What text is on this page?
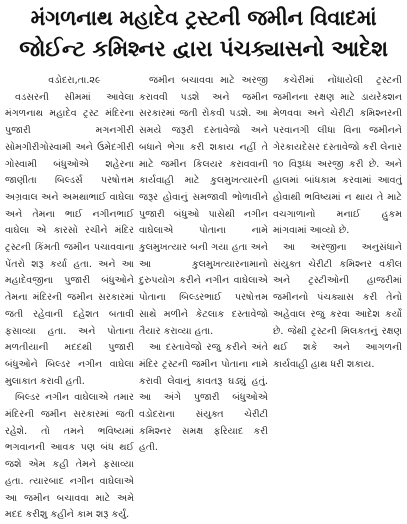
મંગળનાથ મહાદેવ ટ્રસ્ટની જમીન વિવાદમાં
જોઈન્ટ કમિશ્નર દ્વારા પંચક્યાસનો આદેશ

વડોદરા,તા.૨૯

વડસરની સીમમાં આવેલા મંગળનાથ મહાદેવ ટ્રસ્ટ મંદિરના પુજારી મગનગીરી સોમગીરીગોસ્વામી અને ઉમેદગીરી ગોસ્વામી બંધુઓએ શહેરના જાણીતા બિલ્ડર્સ પરષોત્તમ અગ્રવાલ અને અમથાભાઈ વાઘેલા અને તેમના ભાઈ નગીનભાઈ વાઘેલા એ કારસો રચીને મંદિર ટ્રસ્ટની કિંમતી જમીન પચાવવાના પેંતરો શરૂ કર્યા હતા. અને આ મહાદેવજીના પુજારી બંધુઓને તેમના મંદિરની જમીન સરકારમાં જતી રહેવાની દહેશત બતાવી ફસાવ્યા હતા. અને પોતાના મળતીયાની મદદથી પુજારી બંધુઓને બિલ્ડર નગીન વાઘેલા મુલાકાત કરાવી હતી.

બિલ્ડર નગીન વાઘેલાએ તમાર મંદિરની જમીન સરકારમાં જતી રહેશે. તો તમને ભવિષ્યમાં ભગવાનની આવક પણ બંધ થઈ જશે એમ કહી તેમને ફસાવ્યા હતા. ત્યારબાદ નગીન વાઘેલાએ આ જમીન બચાવવા માટે અમે મદદ કરીશુ કહીને કામ શરૂ કર્યું.

જમીન બચાવવા માટે અરજી કરાવવી પડશે અને જમીન સરકારમાં જતી રોકવી પડશે. આ સમયે જરૂરી દસ્તાવેજો અને બધાને ભેગા કરી શકાય નહીં તે માટે જમીન કિલયર કરાવવાની કાર્યવાહી માટે કુલમુખત્યારની જરૂર હોવાનું સમજાવી ભોળાવીને પુજારી બંધુઓ પાસેથી નગીન વાઘેલાએ પોતાના નામે કુલમુખત્યાર બની ગયા હતા અને આ કુલમુખત્યારનામાનો દુરુપયોગ કરીને નગીન વાઘેલાએ પોતાના બિલ્ડરભાઈ પરષોત્તમ સાથે મળીને કેટલાક દસ્તાવેજો તૈયાર કરાવ્યા હતા.

આ દસ્તાવેજો રજુ કરીને અંતે મંદિર ટ્રસ્ટની જમીન પોતાના નામે કરાવી લેવાનું કાવતરૂ ઘડ્યું હતું. આ અંગે પુજારી બંધુઓએ વડોદરાના સંયુક્ત ચેરીટી કમિશ્નર સમક્ષ ફરિયાદ કરી હતી.

કચેરીમાં નોંધાયેલી ટ્રસ્ટની જમીનના રક્ષણ માટે ડાયરેક્શન મેળવવા અને ચેરીટી કમિશ્નરની પરવાનગી લીધા વિના જમીનને ગેરકાયદેસર દસ્તાવેજો કરી લેનાર ૧૦ વિરૂધ્ધ અરજી કરી છે. અને હાલમાં બાંધકામ કરવામાં આવતું હોવાથી ભવિષ્યમાં ન થાય તે માટે વચગાળાનો મનાઈ હુકમ માંગવામાં આવ્યો છે.

આ અરજીના અનુસંધાને સંયુક્ત ચેરીટી કમિશ્નર વકીલ અને ટ્રસ્ટીઓની હાજરીમાં જમીનનો પંચક્યાસ કરી તેનો અહેવાલ રજુ કરવા આદેશ કર્યો છે. જેથી ટ્રસ્ટની મિલકતનું રક્ષણ થઈ શકે અને આગળની કાર્યવાહી હાથ ધરી શકાય.
